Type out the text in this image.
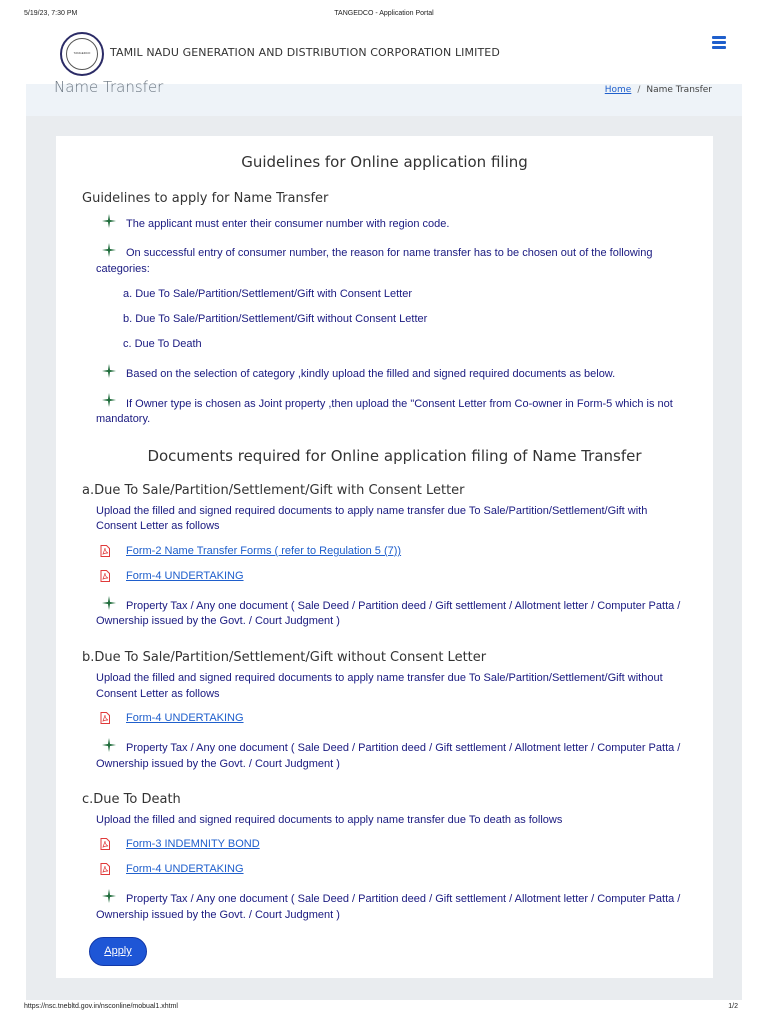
5/19/23, 7:30 PM	TANGEDCO - Application Portal
https://nsc.tnebltd.gov.in/nsconline/mobual1.xhtml	1/2
TANGEDCO TAMIL NADU GENERATION AND DISTRIBUTION CORPORATION LIMITED
Name Transfer	Home / Name Transfer
Guidelines for Online application filing
Guidelines to apply for Name Transfer
The applicant must enter their consumer number with region code.
On successful entry of consumer number, the reason for name transfer has to be chosen out of the following
categories:
a. Due To Sale/Partition/Settlement/Gift with Consent Letter
b. Due To Sale/Partition/Settlement/Gift without Consent Letter
c. Due To Death
Based on the selection of category ,kindly upload the filled and signed required documents as below.
If Owner type is chosen as Joint property ,then upload the "Consent Letter from Co-owner in Form-5 which is not
mandatory.
Documents required for Online application filing of Name Transfer
a.Due To Sale/Partition/Settlement/Gift with Consent Letter
Upload the filled and signed required documents to apply name transfer due To Sale/Partition/Settlement/Gift with
Consent Letter as follows
Form-2 Name Transfer Forms ( refer to Regulation 5 (7))
Form-4 UNDERTAKING
Property Tax / Any one document ( Sale Deed / Partition deed / Gift settlement / Allotment letter / Computer Patta /
Ownership issued by the Govt. / Court Judgment )
b.Due To Sale/Partition/Settlement/Gift without Consent Letter
Upload the filled and signed required documents to apply name transfer due To Sale/Partition/Settlement/Gift without
Consent Letter as follows
Form-4 UNDERTAKING
Property Tax / Any one document ( Sale Deed / Partition deed / Gift settlement / Allotment letter / Computer Patta /
Ownership issued by the Govt. / Court Judgment )
c.Due To Death
Upload the filled and signed required documents to apply name transfer due To death as follows
Form-3 INDEMNITY BOND
Form-4 UNDERTAKING
Property Tax / Any one document ( Sale Deed / Partition deed / Gift settlement / Allotment letter / Computer Patta /
Ownership issued by the Govt. / Court Judgment )
Apply
